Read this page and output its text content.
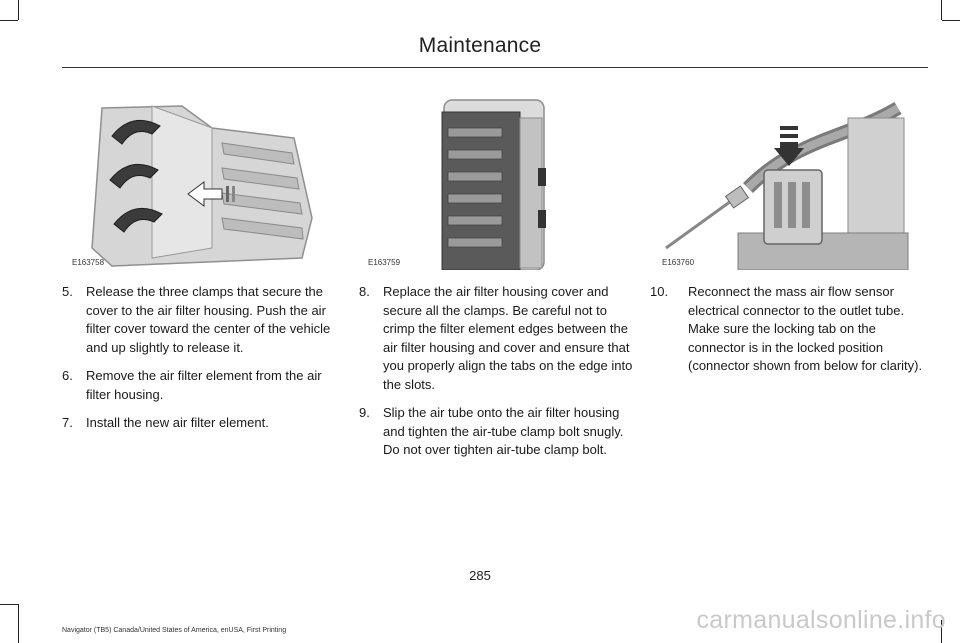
Maintenance
E163758	E163759	E163760
5. Release the three clamps that secure the cover to the air filter housing. Push the air filter cover toward the center of the vehicle and up slightly to release it.
6. Remove the air filter element from the air filter housing.
7. Install the new air filter element.
8. Replace the air filter housing cover and secure all the clamps. Be careful not to crimp the filter element edges between the air filter housing and cover and ensure that you properly align the tabs on the edge into the slots.
9. Slip the air tube onto the air filter housing and tighten the air-tube clamp bolt snugly. Do not over tighten air-tube clamp bolt.
10. Reconnect the mass air flow sensor electrical connector to the outlet tube. Make sure the locking tab on the connector is in the locked position (connector shown from below for clarity).
285
Navigator (TB5) Canada/United States of America, enUSA, First Printing	carmanualsonline.info
